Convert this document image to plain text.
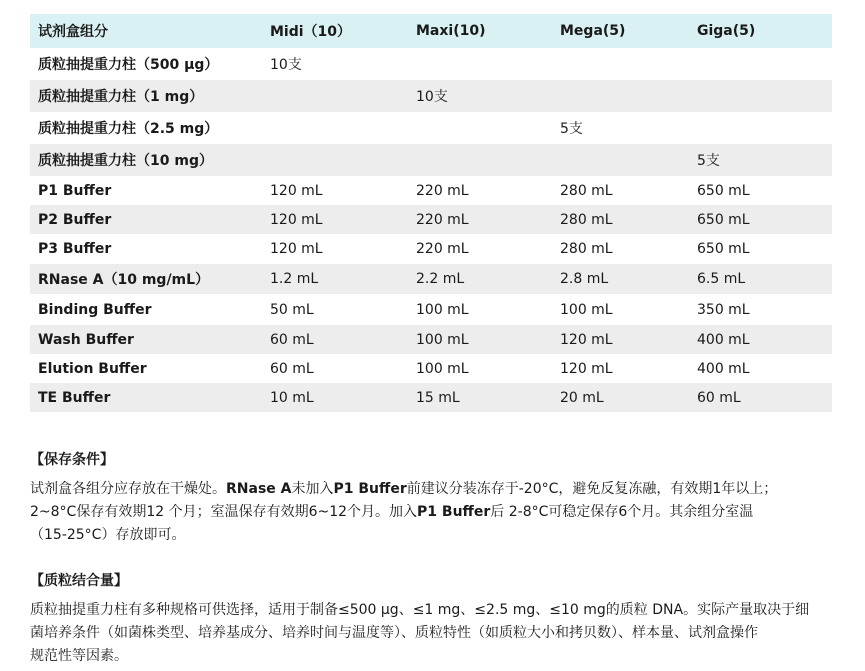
试剂盒组分	Midi（10）	Maxi(10)	Mega(5)	Giga(5)
质粒抽提重力柱（500 μg）	10支			
质粒抽提重力柱（1 mg）		10支		
质粒抽提重力柱（2.5 mg）			5支	
质粒抽提重力柱（10 mg）				5支
P1 Buffer	120 mL	220 mL	280 mL	650 mL
P2 Buffer	120 mL	220 mL	280 mL	650 mL
P3 Buffer	120 mL	220 mL	280 mL	650 mL
RNase A（10 mg/mL）	1.2 mL	2.2 mL	2.8 mL	6.5 mL
Binding Buffer	50 mL	100 mL	100 mL	350 mL
Wash Buffer	60 mL	100 mL	120 mL	400 mL
Elution Buffer	60 mL	100 mL	120 mL	400 mL
TE Buffer	10 mL	15 mL	20 mL	60 mL
【保存条件】

试剂盒各组分应存放在干燥处。RNase A未加入P1 Buffer前建议分装冻存于-20°C，避免反复冻融，有效期1年以上；
2~8°C保存有效期12 个月；室温保存有效期6~12个月。加入P1 Buffer后 2-8°C可稳定保存6个月。其余组分室温
（15-25°C）存放即可。

【质粒结合量】

质粒抽提重力柱有多种规格可供选择，适用于制备≤500 μg、≤1 mg、≤2.5 mg、≤10 mg的质粒 DNA。实际产量取决于细
菌培养条件（如菌株类型、培养基成分、培养时间与温度等）、质粒特性（如质粒大小和拷贝数）、样本量、试剂盒操作
规范性等因素。
